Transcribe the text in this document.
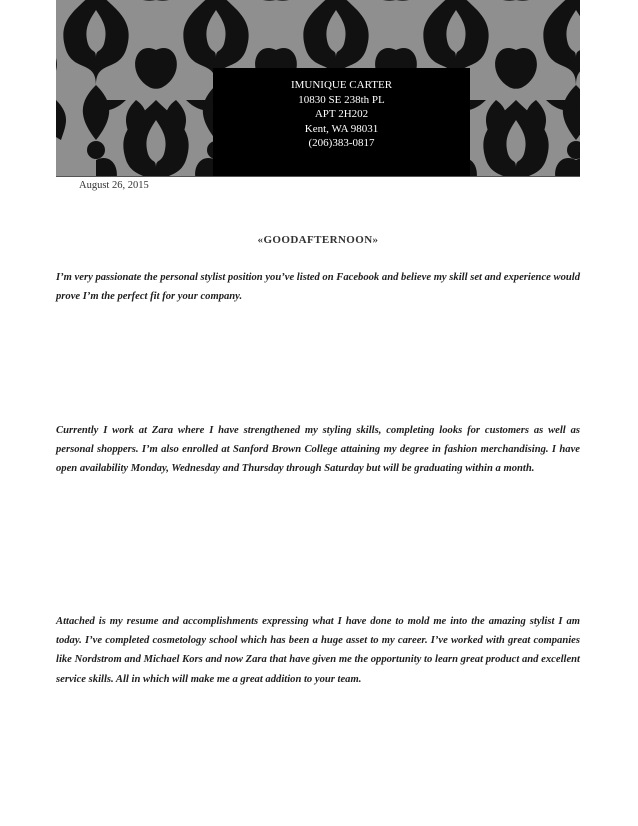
IMUNIQUE CARTER
10830 SE 238th PL
APT 2H202
Kent, WA 98031
(206)383-0817
August 26, 2015
«GOODAFTERNOON»

I’m very passionate the personal stylist position you’ve listed on Facebook and believe my skill set and experience would prove I’m the perfect fit for your company.

Currently I work at Zara where I have strengthened my styling skills, completing looks for customers as well as personal shoppers. I’m also enrolled at Sanford Brown College attaining my degree in fashion merchandising. I have open availability Monday, Wednesday and Thursday through Saturday but will be graduating within a month.

Attached is my resume and accomplishments expressing what I have done to mold me into the amazing stylist I am today. I’ve completed cosmetology school which has been a huge asset to my career. I’ve worked with great companies like Nordstrom and Michael Kors and now Zara that have given me the opportunity to learn great product and excellent service skills. All in which will make me a great addition to your team.
